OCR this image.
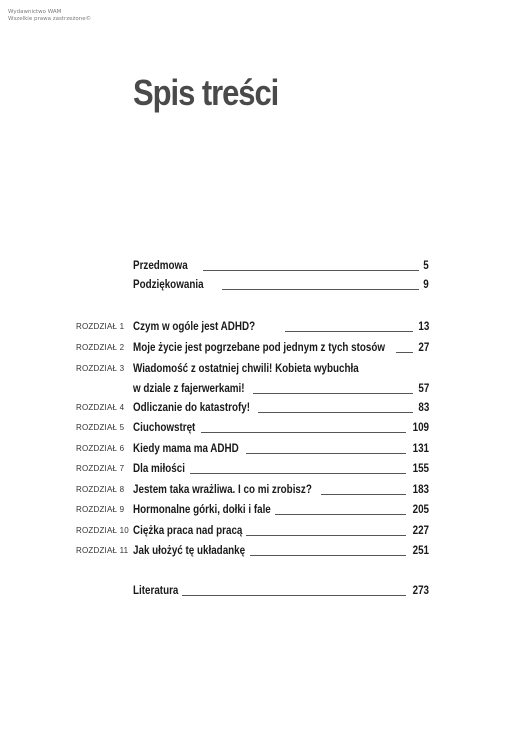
Wydawnictwo WAM
Wszelkie prawa zastrzeżone©
Spis treści
Przedmowa	5
Podziękowania	9
ROZDZIAŁ 1 Czym w ogóle jest ADHD?	13
ROZDZIAŁ 2 Moje życie jest pogrzebane pod jednym z tych stosów	27
ROZDZIAŁ 3 Wiadomość z ostatniej chwili! Kobieta wybuchła
w dziale z fajerwerkami!	57
ROZDZIAŁ 4 Odliczanie do katastrofy!	83
ROZDZIAŁ 5 Ciuchowstręt	109
ROZDZIAŁ 6 Kiedy mama ma ADHD	131
ROZDZIAŁ 7 Dla miłości	155
ROZDZIAŁ 8 Jestem taka wrażliwa. I co mi zrobisz?	183
ROZDZIAŁ 9 Hormonalne górki, dołki i fale	205
ROZDZIAŁ 10 Ciężka praca nad pracą	227
ROZDZIAŁ 11 Jak ułożyć tę układankę	251
Literatura	273
